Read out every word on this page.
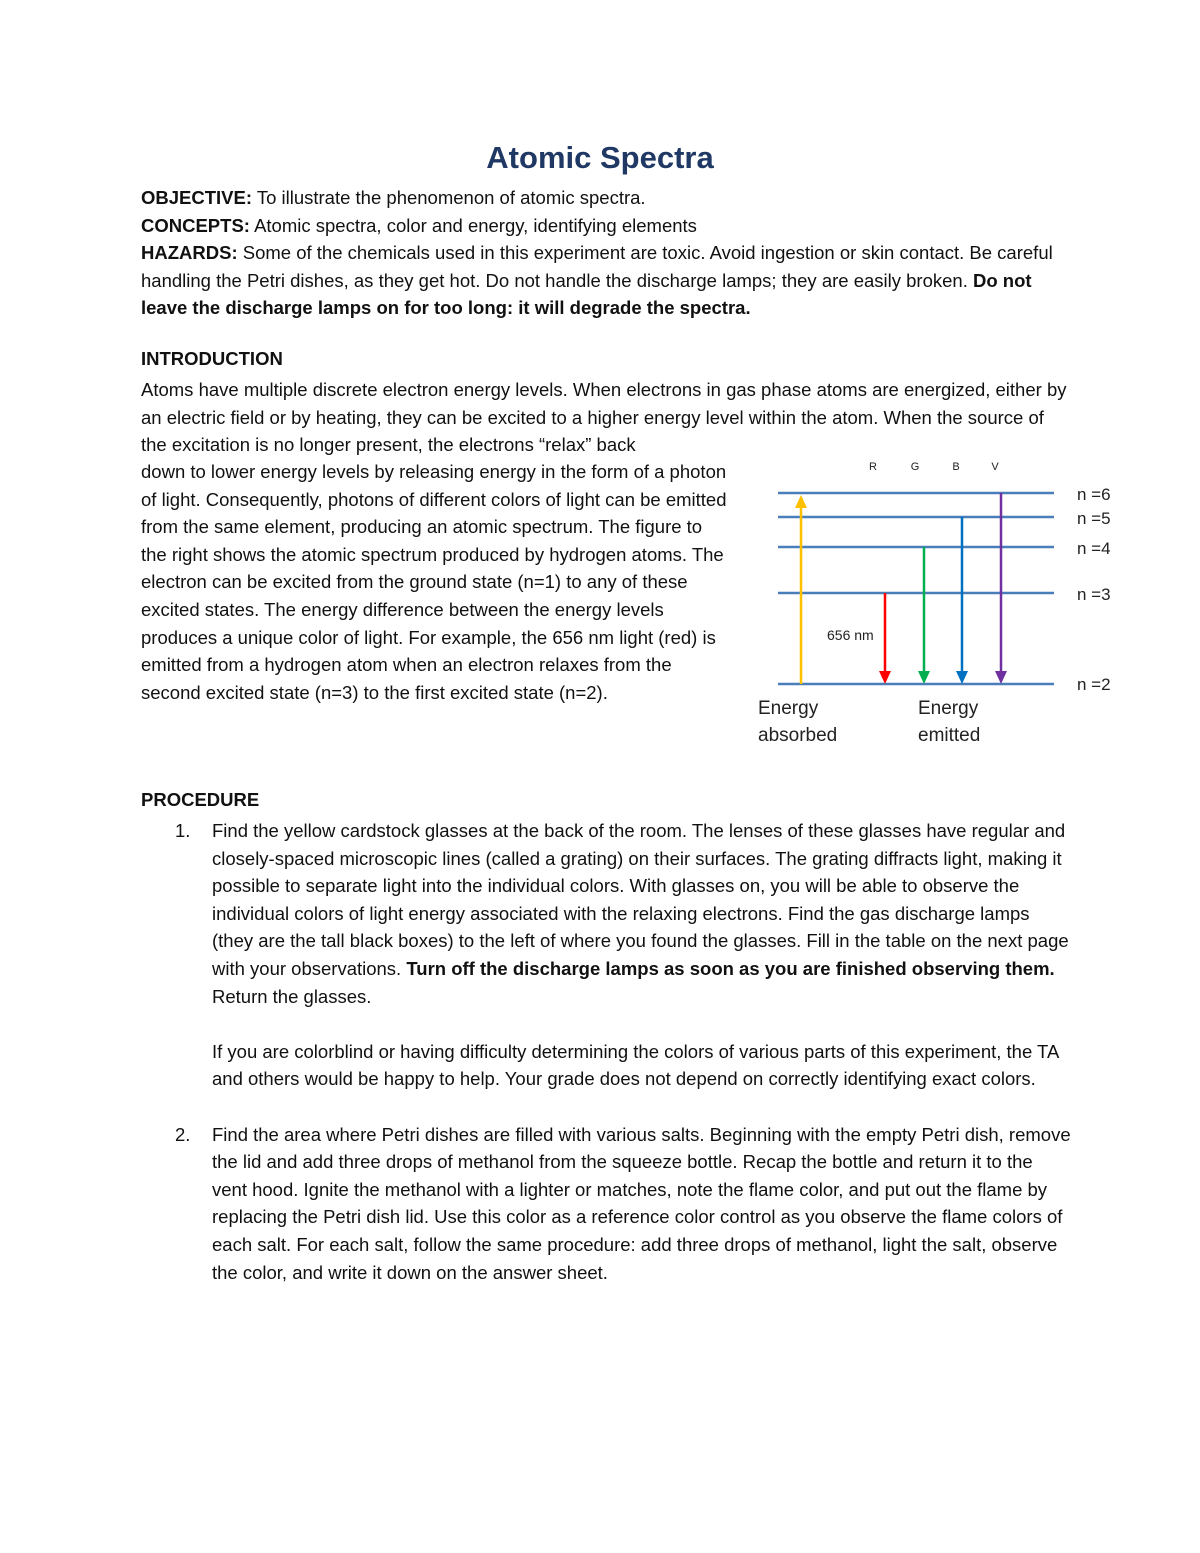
Atomic Spectra

OBJECTIVE: To illustrate the phenomenon of atomic spectra.

CONCEPTS: Atomic spectra, color and energy, identifying elements

HAZARDS: Some of the chemicals used in this experiment are toxic. Avoid ingestion or skin contact. Be careful handling the Petri dishes, as they get hot. Do not handle the discharge lamps; they are easily broken. Do not leave the discharge lamps on for too long: it will degrade the spectra.

INTRODUCTION

Atoms have multiple discrete electron energy levels. When electrons in gas phase atoms are energized, either by an electric field or by heating, they can be excited to a higher energy level within the atom. When the source of the excitation is no longer present, the electrons “relax” back

down to lower energy levels by releasing energy in the form of a photon of light. Consequently, photons of different colors of light can be emitted from the same element, producing an atomic spectrum. The figure to the right shows the atomic spectrum produced by hydrogen atoms. The electron can be excited from the ground state (n=1) to any of these excited states. The energy difference between the energy levels produces a unique color of light. For example, the 656 nm light (red) is emitted from a hydrogen atom when an electron relaxes from the second excited state (n=3) to the first excited state (n=2).

R	G	B	V
n =6
n =5
n =4
n =3
n =2
656 nm
Energy
absorbed
Energy
emitted

PROCEDURE

1. Find the yellow cardstock glasses at the back of the room. The lenses of these glasses have regular and closely-spaced microscopic lines (called a grating) on their surfaces. The grating diffracts light, making it possible to separate light into the individual colors. With glasses on, you will be able to observe the individual colors of light energy associated with the relaxing electrons. Find the gas discharge lamps (they are the tall black boxes) to the left of where you found the glasses. Fill in the table on the next page with your observations. Turn off the discharge lamps as soon as you are finished observing them. Return the glasses.

If you are colorblind or having difficulty determining the colors of various parts of this experiment, the TA and others would be happy to help. Your grade does not depend on correctly identifying exact colors.

2. Find the area where Petri dishes are filled with various salts. Beginning with the empty Petri dish, remove the lid and add three drops of methanol from the squeeze bottle. Recap the bottle and return it to the vent hood. Ignite the methanol with a lighter or matches, note the flame color, and put out the flame by replacing the Petri dish lid. Use this color as a reference color control as you observe the flame colors of each salt. For each salt, follow the same procedure: add three drops of methanol, light the salt, observe the color, and write it down on the answer sheet.
